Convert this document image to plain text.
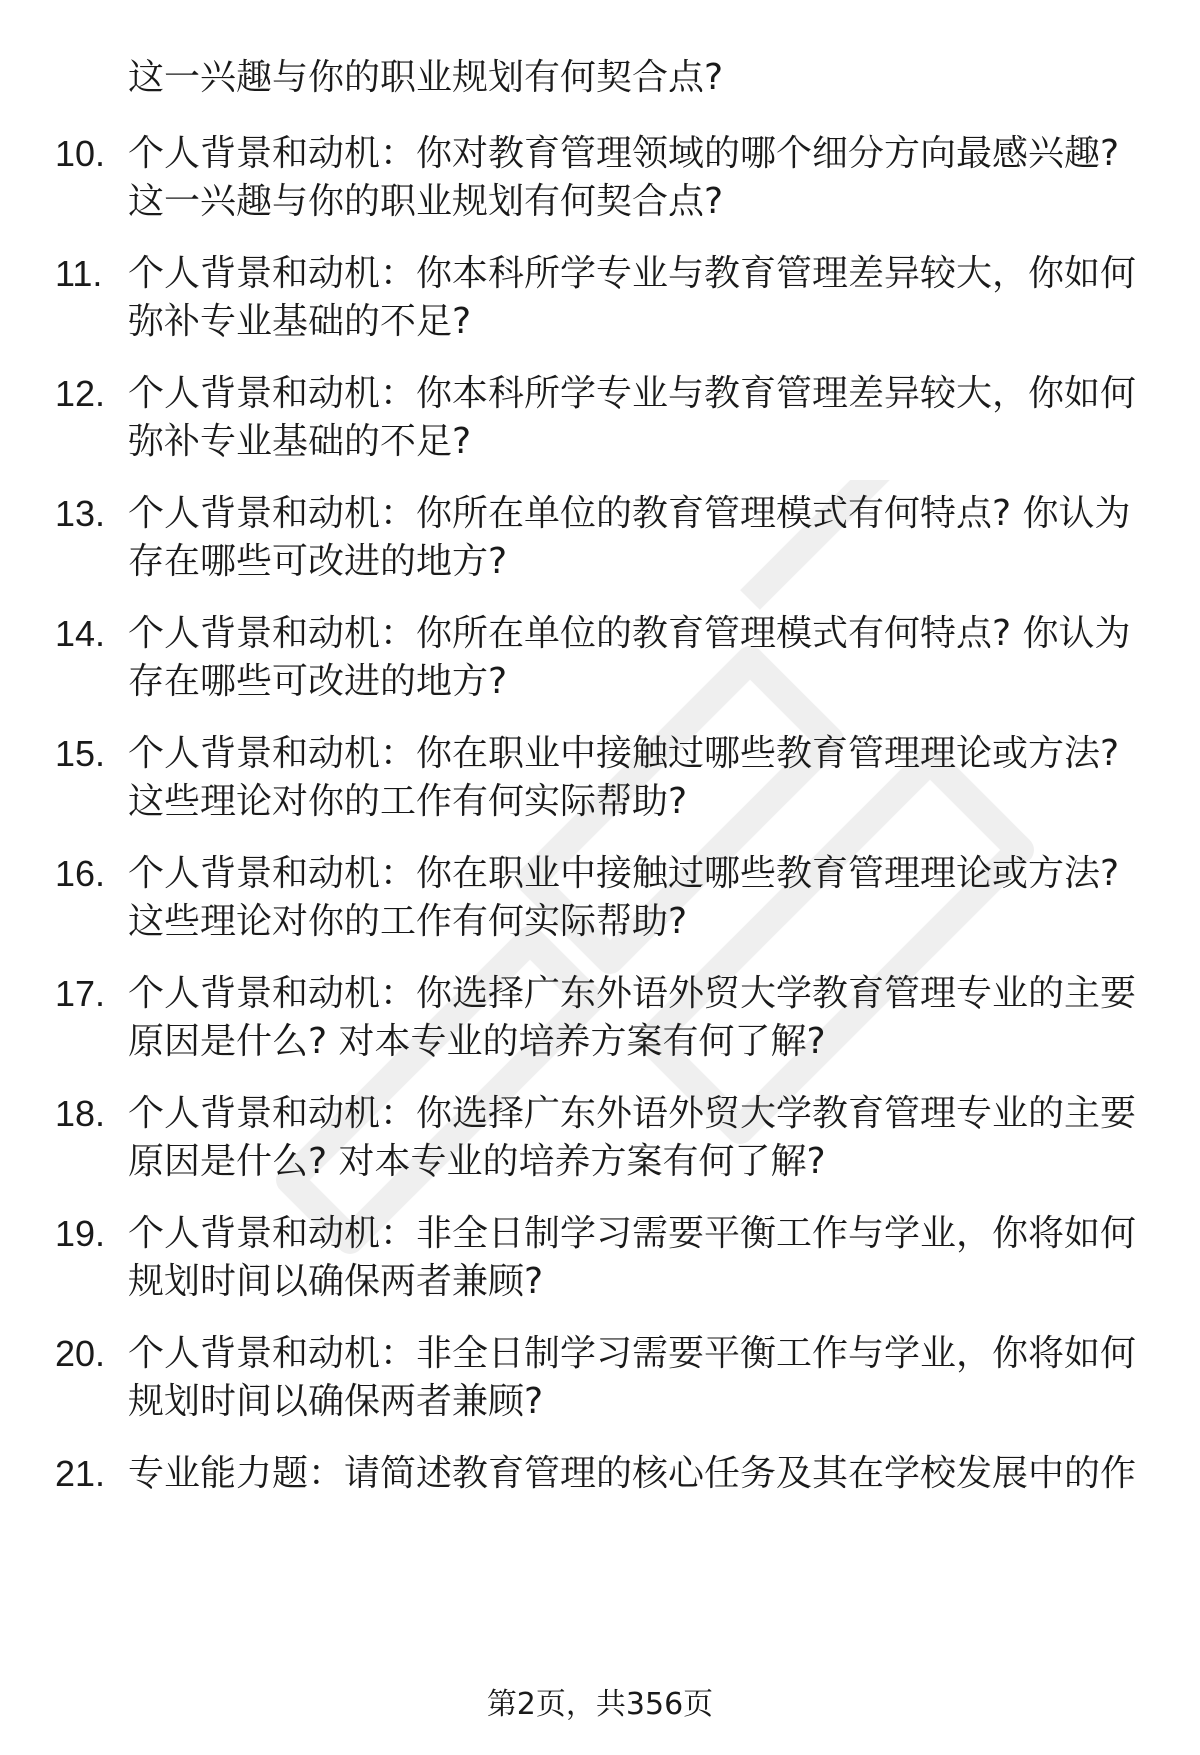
这一兴趣与你的职业规划有何契合点?
10. 个人背景和动机：你对教育管理领域的哪个细分方向最感兴趣?
这一兴趣与你的职业规划有何契合点?
11. 个人背景和动机：你本科所学专业与教育管理差异较大，你如何
弥补专业基础的不足?
12. 个人背景和动机：你本科所学专业与教育管理差异较大，你如何
弥补专业基础的不足?
13. 个人背景和动机：你所在单位的教育管理模式有何特点? 你认为
存在哪些可改进的地方?
14. 个人背景和动机：你所在单位的教育管理模式有何特点? 你认为
存在哪些可改进的地方?
15. 个人背景和动机：你在职业中接触过哪些教育管理理论或方法?
这些理论对你的工作有何实际帮助?
16. 个人背景和动机：你在职业中接触过哪些教育管理理论或方法?
这些理论对你的工作有何实际帮助?
17. 个人背景和动机：你选择广东外语外贸大学教育管理专业的主要
原因是什么? 对本专业的培养方案有何了解?
18. 个人背景和动机：你选择广东外语外贸大学教育管理专业的主要
原因是什么? 对本专业的培养方案有何了解?
19. 个人背景和动机：非全日制学习需要平衡工作与学业，你将如何
规划时间以确保两者兼顾?
20. 个人背景和动机：非全日制学习需要平衡工作与学业，你将如何
规划时间以确保两者兼顾?
21. 专业能力题：请简述教育管理的核心任务及其在学校发展中的作
第2页，共356页
